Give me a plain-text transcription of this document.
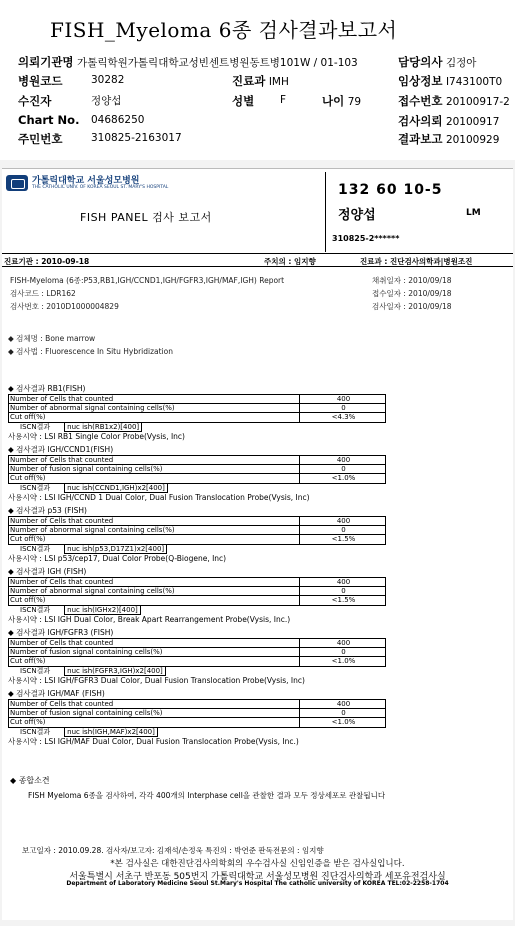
FISH_Myeloma 6종 검사결과보고서
의뢰기관명 가톨릭학원가톨릭대학교성빈센트병원동트병101W / 01-103	담당의사 김정아
병원코드	30282	진료과 IMH	임상정보 I743100T0
수진자	정양섭	성별 F	나이 79	접수번호 20100917-2
Chart No. 04686250	검사의뢰 20100917
주민번호	310825-2163017	결과보고 20100929
가톨릭대학교 서울성모병원
THE CATHOLIC UNIV. OF KOREA SEOUL ST. MARY'S HOSPITAL
FISH PANEL 검사 보고서
132 60 10-5
정양섭	LM
310825-2******
진료기관 : 2010-09-18	주치의 : 임지향	진료과 : 진단검사의학과|병원조진
FISH-Myeloma (6종:P53,RB1,IGH/CCND1,IGH/FGFR3,IGH/MAF,IGH) Report
검사코드 : LDR162
검사번호 : 2010D1000004829
채취일자 : 2010/09/18
접수일자 : 2010/09/18
검사일자 : 2010/09/18
◆ 검체명 : Bone marrow
◆ 검사법 : Fluorescence In Situ Hybridization
◆ 검사결과 RB1(FISH)
Number of Cells that counted	400
Number of abnormal signal containing cells(%)	0
Cut off(%)	<4.3%
ISCN결과 nuc ish(RB1x2)[400]
사용시약 : LSI RB1 Single Color Probe(Vysis, Inc)
◆ 검사결과 IGH/CCND1(FISH)
Number of Cells that counted	400
Number of fusion signal containing cells(%)	0
Cut off(%)	<1.0%
ISCN결과 nuc ish(CCND1,IGH)x2[400]
사용시약 : LSI IGH/CCND 1 Dual Color, Dual Fusion Translocation Probe(Vysis, Inc)
◆ 검사결과 p53 (FISH)
Number of Cells that counted	400
Number of abnormal signal containing cells(%)	0
Cut off(%)	<1.5%
ISCN결과 nuc ish(p53,D17Z1)x2[400]
사용시약 : LSI p53/cep17, Dual Color Probe(Q-Biogene, Inc)
◆ 검사결과 IGH (FISH)
Number of Cells that counted	400
Number of abnormal signal containing cells(%)	0
Cut off(%)	<1.5%
ISCN결과 nuc ish(IGHx2)[400]
사용시약 : LSI IGH Dual Color, Break Apart Rearrangement Probe(Vysis, Inc.)
◆ 검사결과 IGH/FGFR3 (FISH)
Number of Cells that counted	400
Number of fusion signal containing cells(%)	0
Cut off(%)	<1.0%
ISCN결과 nuc ish(FGFR3,IGH)x2[400]
사용시약 : LSI IGH/FGFR3 Dual Color, Dual Fusion Translocation Probe(Vysis, Inc)
◆ 검사결과 IGH/MAF (FISH)
Number of Cells that counted	400
Number of fusion signal containing cells(%)	0
Cut off(%)	<1.0%
ISCN결과 nuc ish(IGH,MAF)x2[400]
사용시약 : LSI IGH/MAF Dual Color, Dual Fusion Translocation Probe(Vysis, Inc.)
◆ 종합소견
FISH Myeloma 6종을 검사하여, 각각 400개의 Interphase cell을 관찰한 결과 모두 정상세포로 관찰됩니다
보고일자 : 2010.09.28. 검사자/보고자: 김재석/손정욱 특진의 : 박연준 판독전문의 : 임지향
*본 검사실은 대한진단검사의학회의 우수검사실 신임인증을 받은 검사실입니다.
서울특별시 서초구 반포동 505번지 가톨릭대학교 서울성모병원 진단검사의학과 세포유전검사실
Department of Laboratory Medicine Seoul St.Mary's Hospital The catholic university of KOREA TEL:02-2258-1704
